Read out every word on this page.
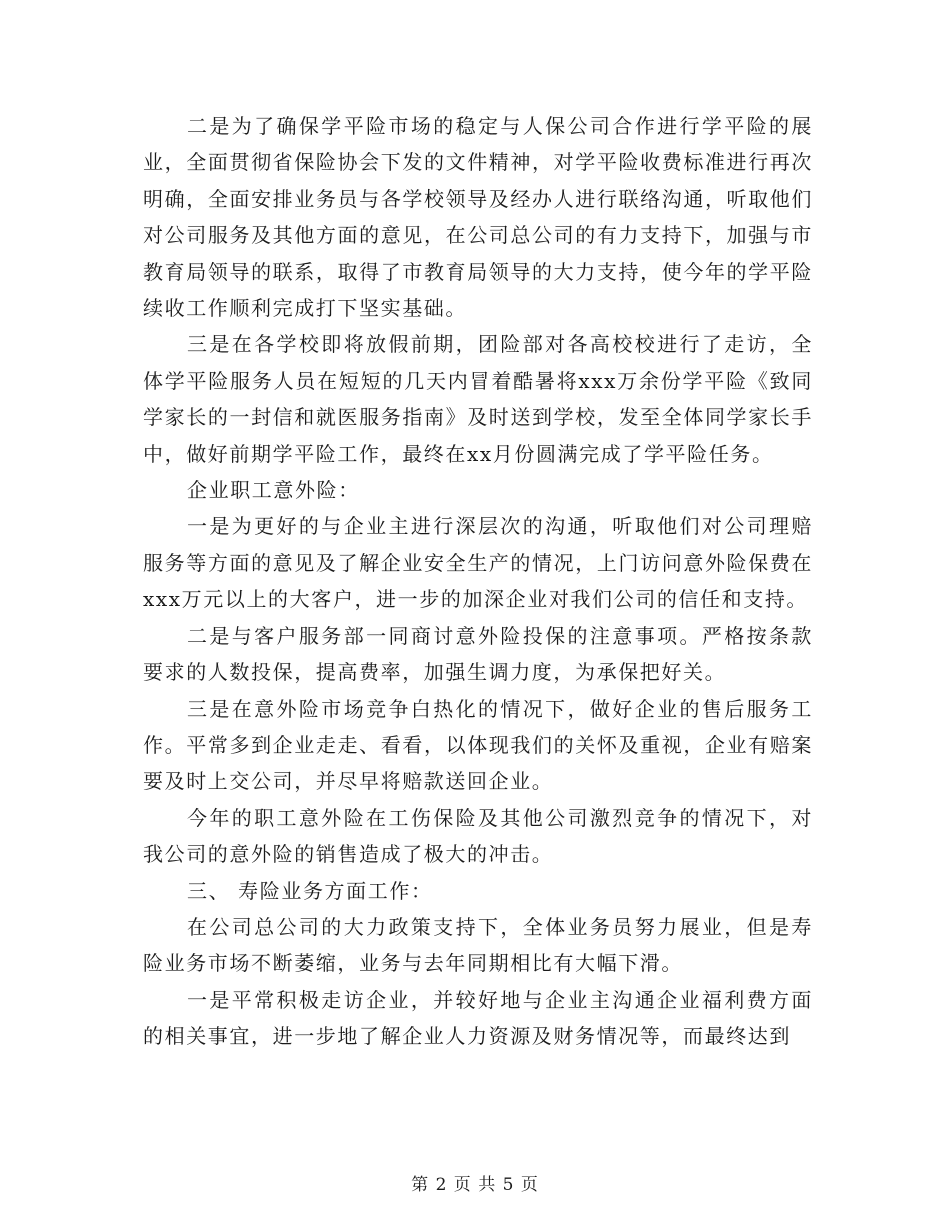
二是为了确保学平险市场的稳定与人保公司合作进行学平险的展业，全面贯彻省保险协会下发的文件精神，对学平险收费标准进行再次明确，全面安排业务员与各学校领导及经办人进行联络沟通，听取他们对公司服务及其他方面的意见，在公司总公司的有力支持下，加强与市教育局领导的联系，取得了市教育局领导的大力支持，使今年的学平险续收工作顺利完成打下坚实基础。

三是在各学校即将放假前期，团险部对各高校校进行了走访，全体学平险服务人员在短短的几天内冒着酷暑将xxx万余份学平险《致同学家长的一封信和就医服务指南》及时送到学校，发至全体同学家长手中，做好前期学平险工作，最终在xx月份圆满完成了学平险任务。

企业职工意外险：

一是为更好的与企业主进行深层次的沟通，听取他们对公司理赔服务等方面的意见及了解企业安全生产的情况，上门访问意外险保费在xxx万元以上的大客户，进一步的加深企业对我们公司的信任和支持。

二是与客户服务部一同商讨意外险投保的注意事项。严格按条款要求的人数投保，提高费率，加强生调力度，为承保把好关。

三是在意外险市场竞争白热化的情况下，做好企业的售后服务工作。平常多到企业走走、看看，以体现我们的关怀及重视，企业有赔案要及时上交公司，并尽早将赔款送回企业。

今年的职工意外险在工伤保险及其他公司激烈竞争的情况下，对我公司的意外险的销售造成了极大的冲击。

三、 寿险业务方面工作：

在公司总公司的大力政策支持下，全体业务员努力展业，但是寿险业务市场不断萎缩，业务与去年同期相比有大幅下滑。

一是平常积极走访企业，并较好地与企业主沟通企业福利费方面的相关事宜，进一步地了解企业人力资源及财务情况等，而最终达到

第 2 页 共 5 页
